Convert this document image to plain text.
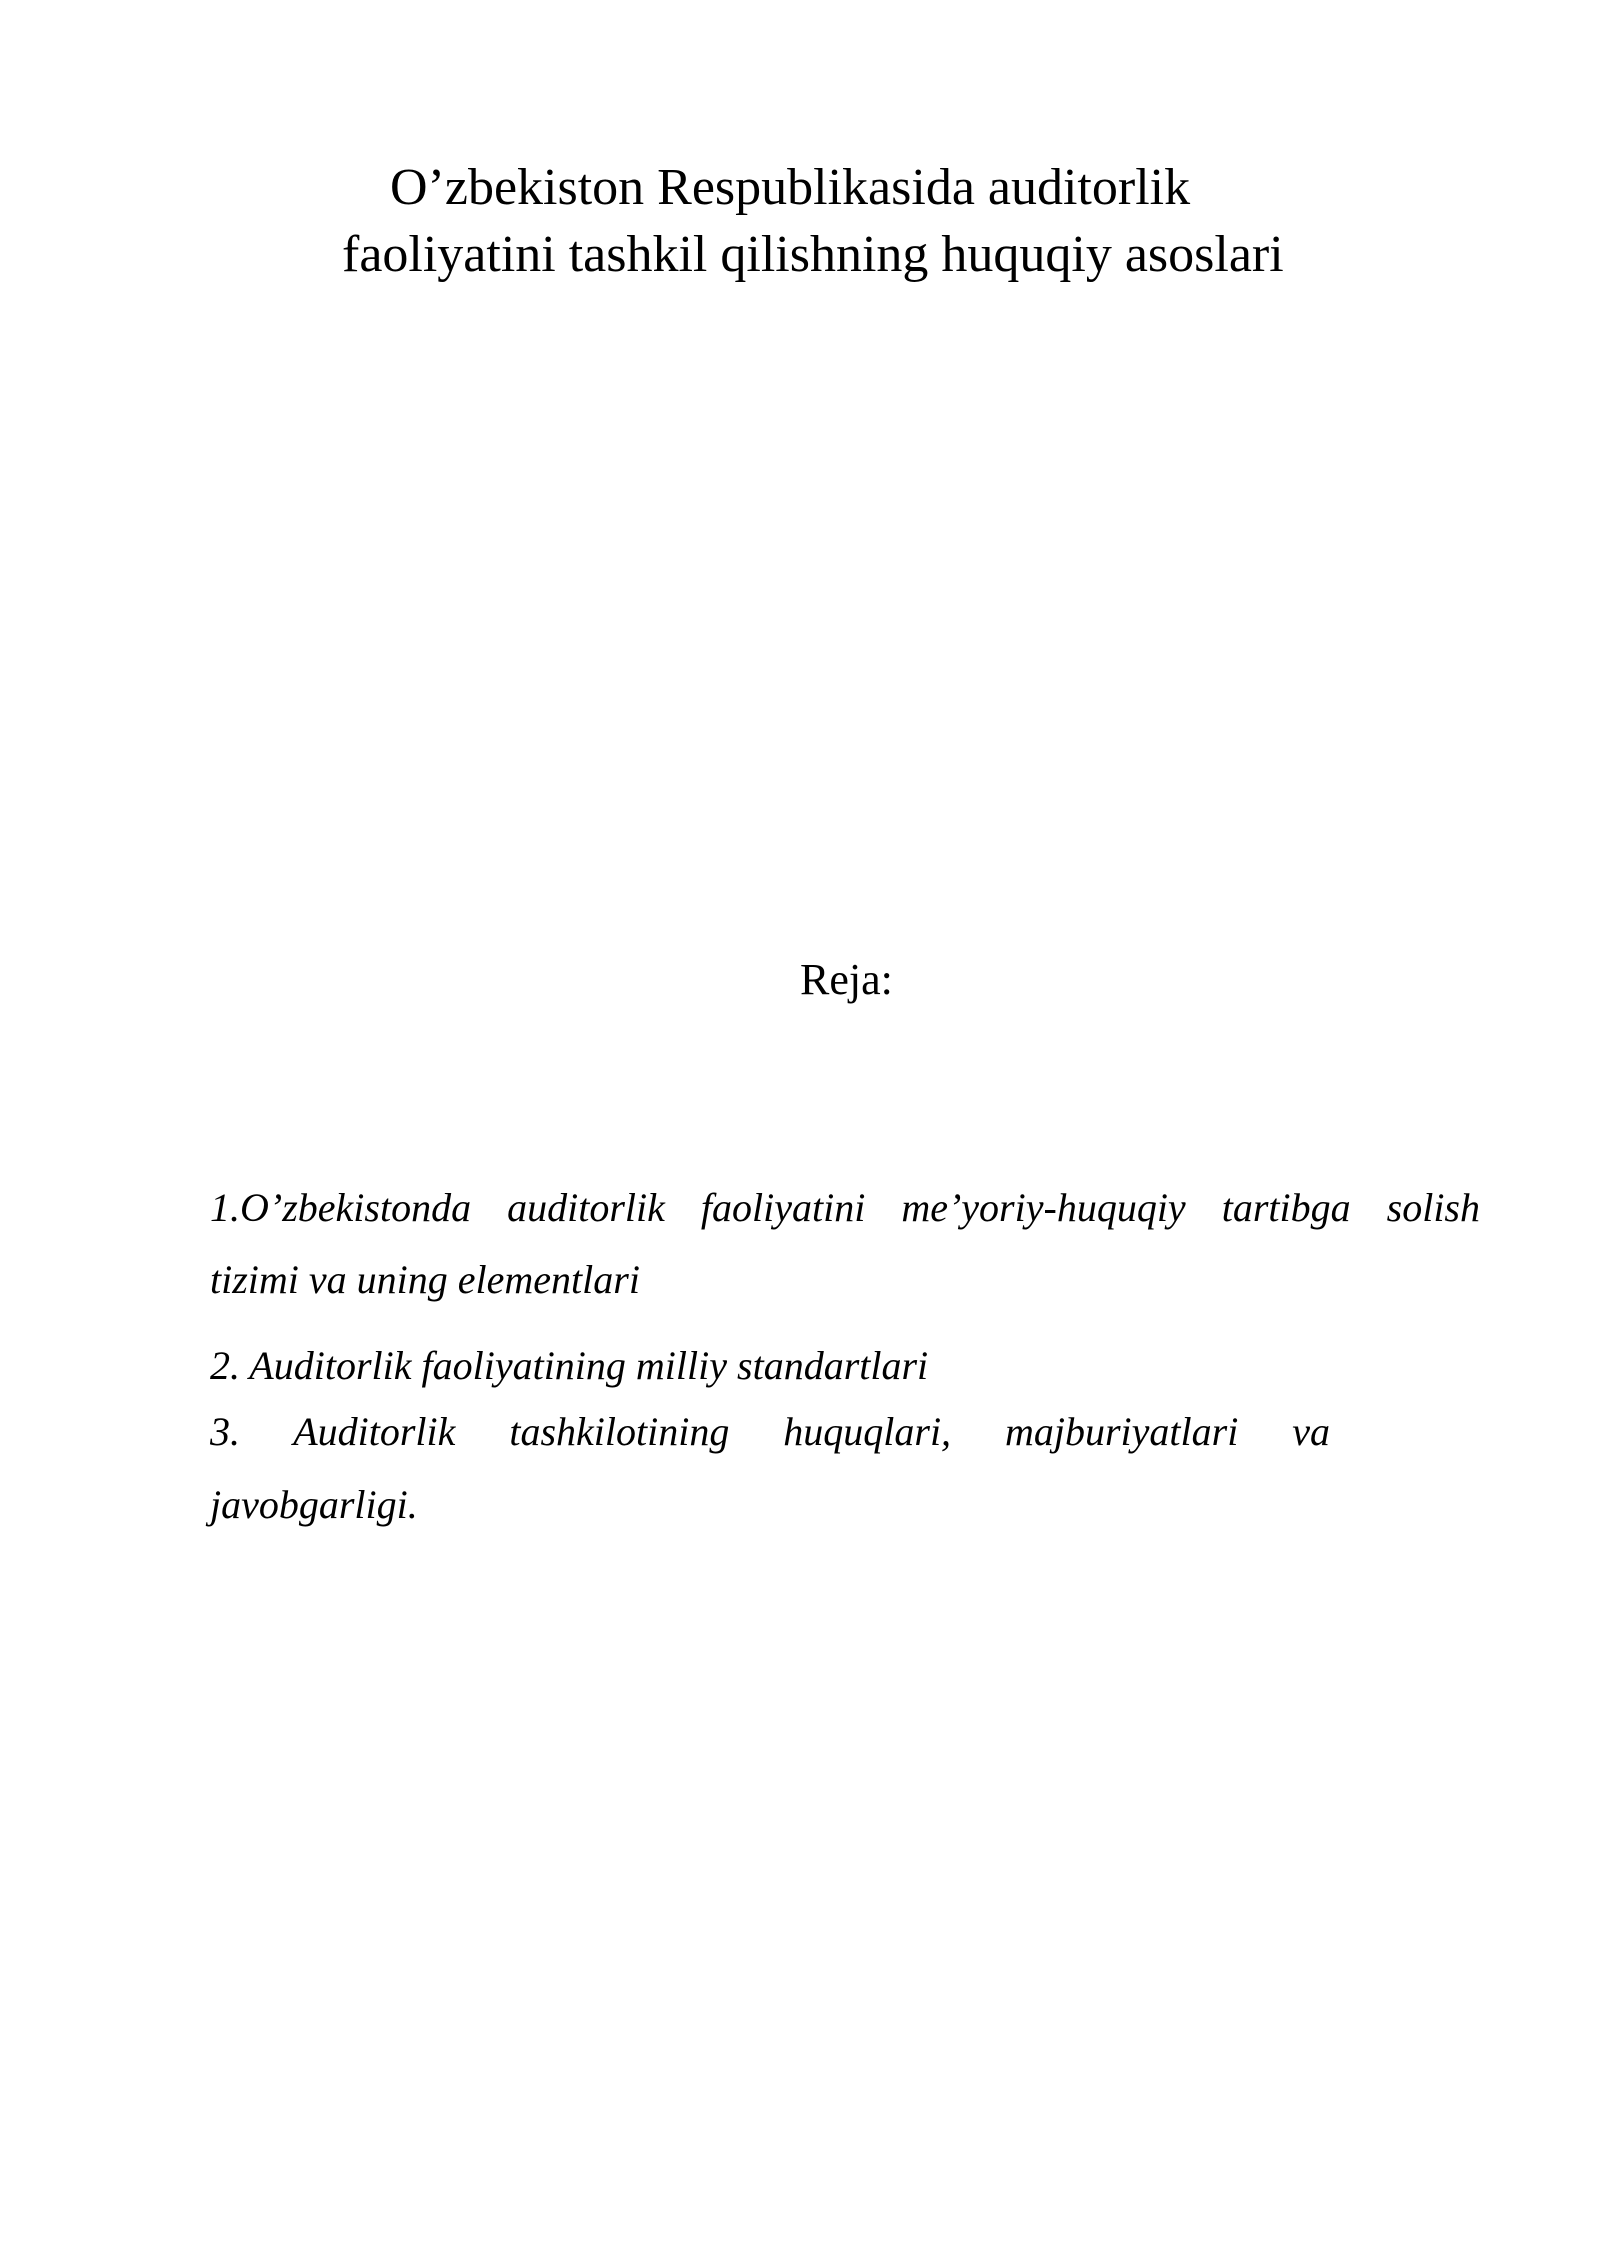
O’zbekiston Respublikasida auditorlik
faoliyatini tashkil qilishning huquqiy asoslari
Reja:
1.O’zbekistonda auditorlik faoliyatini me’yoriy-huquqiy tartibga solish
tizimi va uning elementlari
2. Auditorlik faoliyatining milliy standartlari
3. Auditorlik tashkilotining huquqlari, majburiyatlari va
javobgarligi.
